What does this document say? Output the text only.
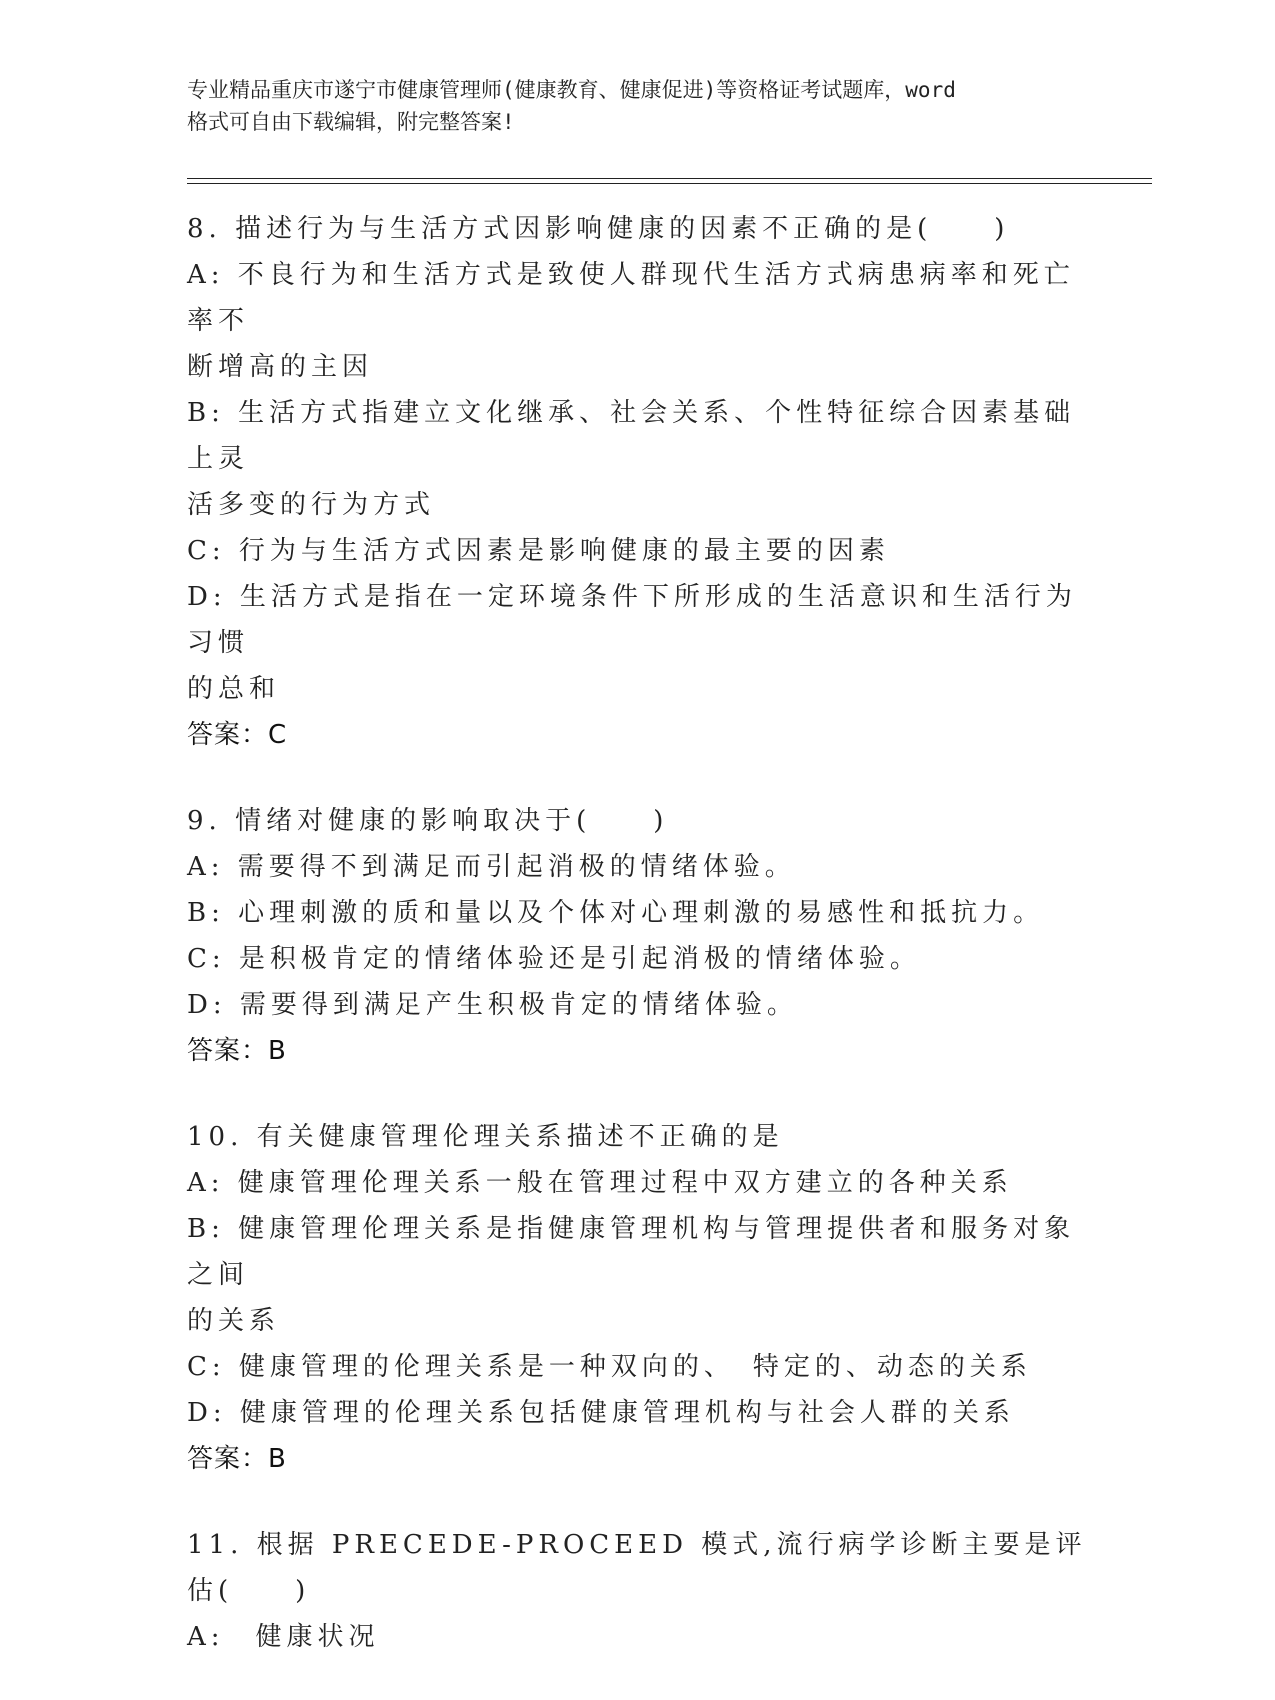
专业精品重庆市遂宁市健康管理师(健康教育、健康促进)等资格证考试题库，word
格式可自由下载编辑，附完整答案!
8. 描述行为与生活方式因影响健康的因素不正确的是(　　)
A: 不良行为和生活方式是致使人群现代生活方式病患病率和死亡率不
断增高的主因
B: 生活方式指建立文化继承、社会关系、个性特征综合因素基础上灵
活多变的行为方式
C: 行为与生活方式因素是影响健康的最主要的因素
D: 生活方式是指在一定环境条件下所形成的生活意识和生活行为习惯
的总和
答案：C
9. 情绪对健康的影响取决于(　　)
A: 需要得不到满足而引起消极的情绪体验。
B: 心理刺激的质和量以及个体对心理刺激的易感性和抵抗力。
C: 是积极肯定的情绪体验还是引起消极的情绪体验。
D: 需要得到满足产生积极肯定的情绪体验。
答案：B
10. 有关健康管理伦理关系描述不正确的是
A: 健康管理伦理关系一般在管理过程中双方建立的各种关系
B: 健康管理伦理关系是指健康管理机构与管理提供者和服务对象之间
的关系
C: 健康管理的伦理关系是一种双向的、　特定的、动态的关系
D: 健康管理的伦理关系包括健康管理机构与社会人群的关系
答案：B
11. 根据 PRECEDE-PROCEED 模式,流行病学诊断主要是评估(　　)
A:　健康状况
